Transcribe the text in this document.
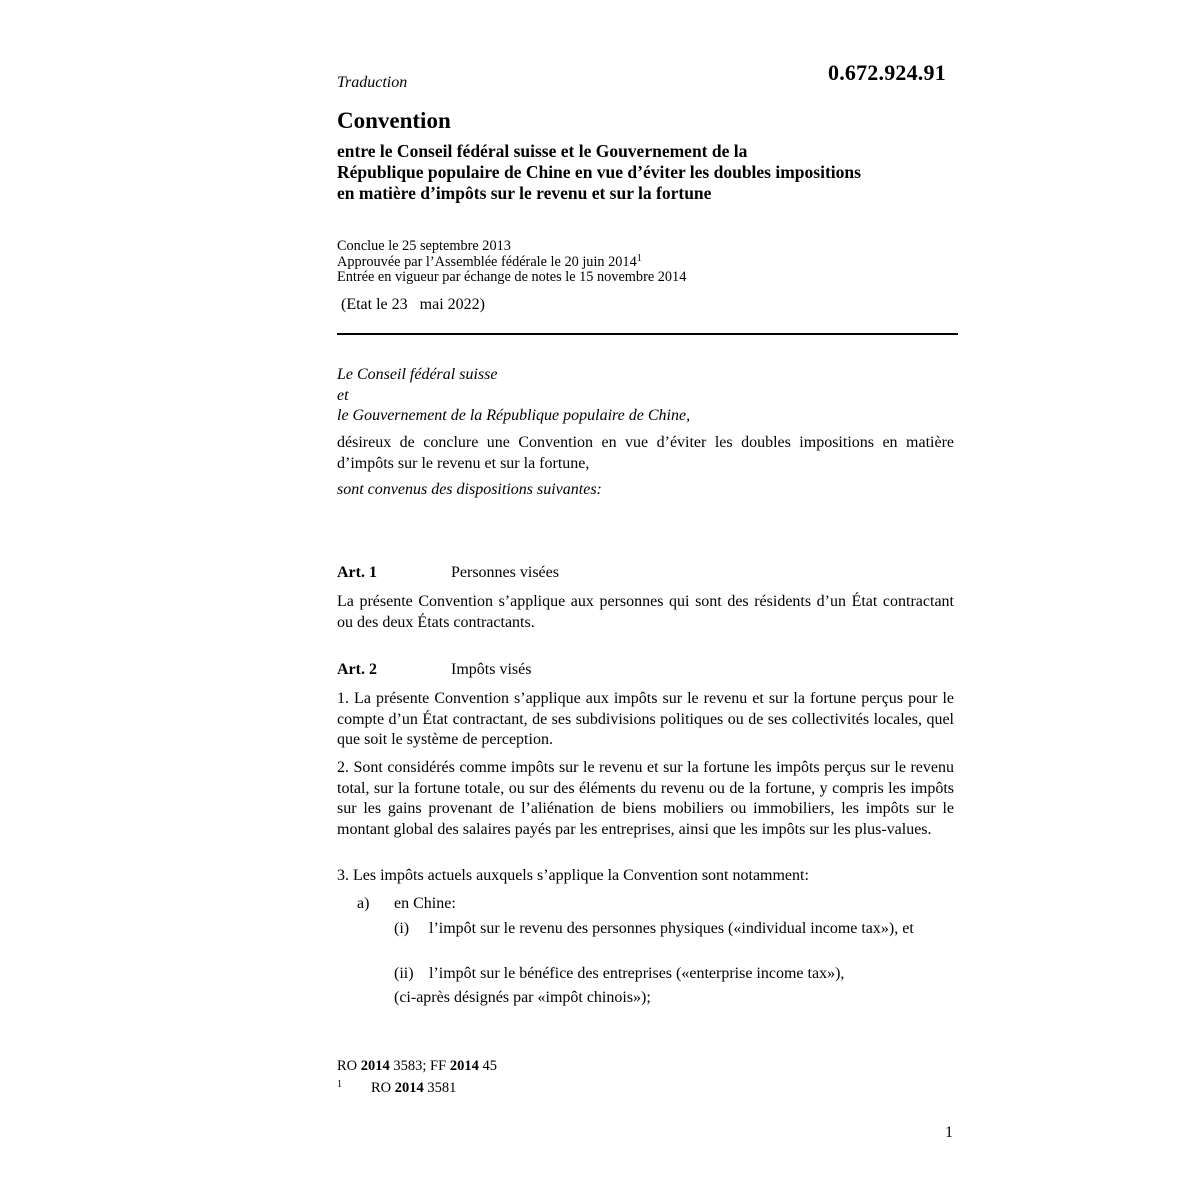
Traduction	0.672.924.91
Convention
entre le Conseil fédéral suisse et le Gouvernement de la
République populaire de Chine en vue d’éviter les doubles impositions
en matière d’impôts sur le revenu et sur la fortune
Conclue le 25 septembre 2013
Approuvée par l’Assemblée fédérale le 20 juin 2014$^1$
Entrée en vigueur par échange de notes le 15 novembre 2014
(Etat le 23   mai 2022)
Le Conseil fédéral suisse
et
le Gouvernement de la République populaire de Chine,
désireux de conclure une Convention en vue d’éviter les doubles impositions en matière d’impôts sur le revenu et sur la fortune,
sont convenus des dispositions suivantes:
Art. 1	Personnes visées
La présente Convention s’applique aux personnes qui sont des résidents d’un État contractant ou des deux États contractants.
Art. 2	Impôts visés
1. La présente Convention s’applique aux impôts sur le revenu et sur la fortune perçus pour le compte d’un État contractant, de ses subdivisions politiques ou de ses collectivités locales, quel que soit le système de perception.
2. Sont considérés comme impôts sur le revenu et sur la fortune les impôts perçus sur le revenu total, sur la fortune totale, ou sur des éléments du revenu ou de la fortune, y compris les impôts sur les gains provenant de l’aliénation de biens mobiliers ou immobiliers, les impôts sur le montant global des salaires payés par les entreprises, ainsi que les impôts sur les plus-values.
3. Les impôts actuels auxquels s’applique la Convention sont notamment:
a) en Chine:
(i) l’impôt sur le revenu des personnes physiques («individual income tax»), et
(ii) l’impôt sur le bénéfice des entreprises («enterprise income tax»),
(ci-après désignés par «impôt chinois»);
RO 2014 3583; FF 2014 45
1 RO 2014 3581
1
